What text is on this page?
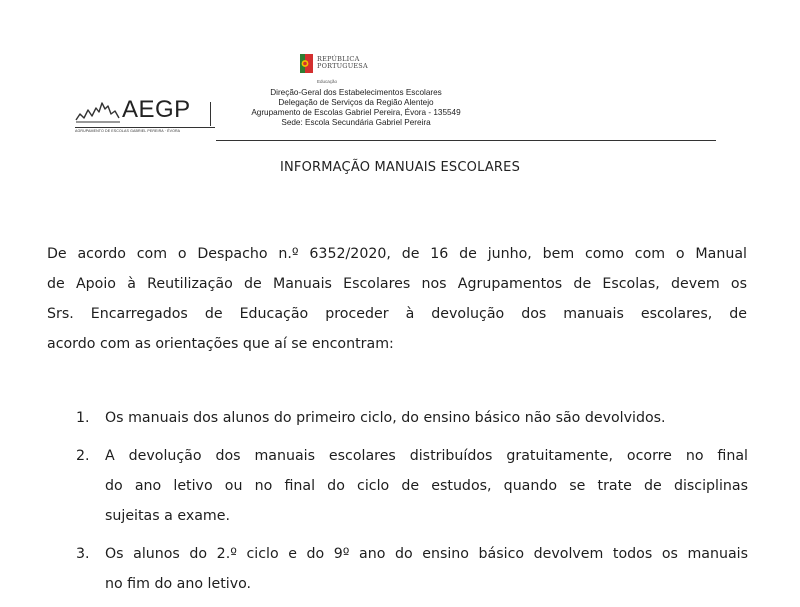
REPÚBLICA
PORTUGUESA
Educação
AEGP
AGRUPAMENTO DE ESCOLAS GABRIEL PEREIRA · ÉVORA
Direção-Geral dos Estabelecimentos Escolares
Delegação de Serviços da Região Alentejo
Agrupamento de Escolas Gabriel Pereira, Évora - 135549
Sede: Escola Secundária Gabriel Pereira
INFORMAÇÃO MANUAIS ESCOLARES
De acordo com o Despacho n.º 6352/2020, de 16 de junho, bem como com o Manual
de Apoio à Reutilização de Manuais Escolares nos Agrupamentos de Escolas, devem os
Srs. Encarregados de Educação proceder à devolução dos manuais escolares, de
acordo com as orientações que aí se encontram:
1. Os manuais dos alunos do primeiro ciclo, do ensino básico não são devolvidos.
2. A devolução dos manuais escolares distribuídos gratuitamente, ocorre no final
do ano letivo ou no final do ciclo de estudos, quando se trate de disciplinas
sujeitas a exame.
3. Os alunos do 2.º ciclo e do 9º ano do ensino básico devolvem todos os manuais
no fim do ano letivo.
